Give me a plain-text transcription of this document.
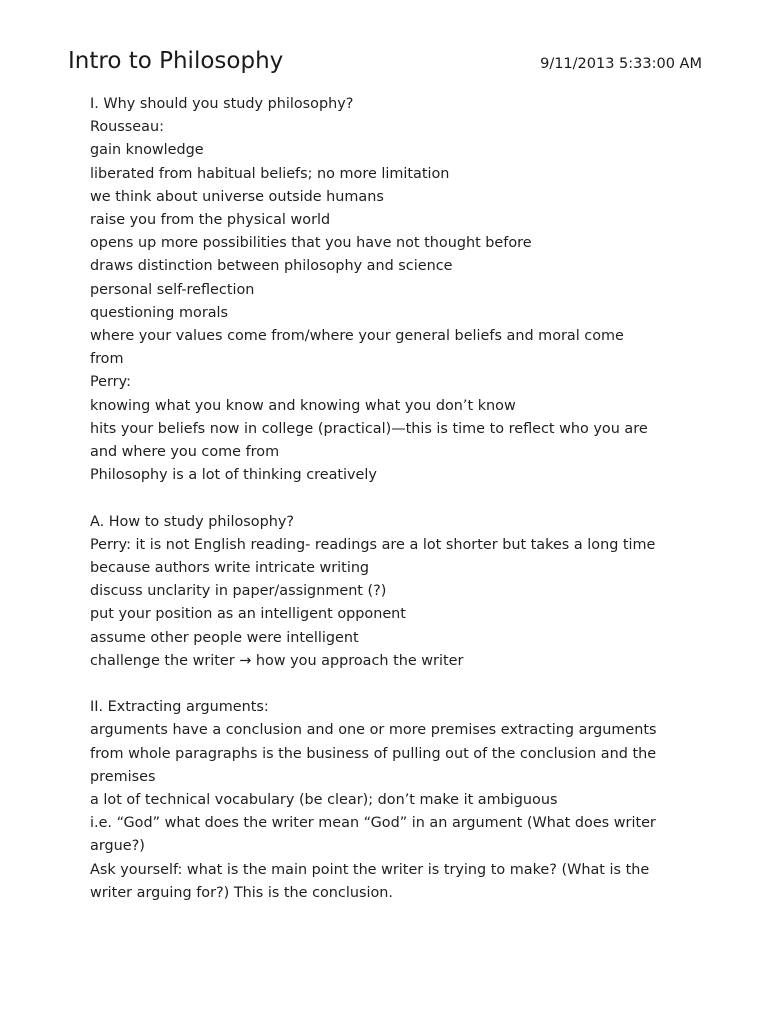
Intro to Philosophy	9/11/2013 5:33:00 AM
I. Why should you study philosophy?
Rousseau:
gain knowledge
liberated from habitual beliefs; no more limitation
we think about universe outside humans
raise you from the physical world
opens up more possibilities that you have not thought before
draws distinction between philosophy and science
personal self-reflection
questioning morals
where your values come from/where your general beliefs and moral come from
Perry:
knowing what you know and knowing what you don’t know
hits your beliefs now in college (practical)—this is time to reflect who you are and where you come from
Philosophy is a lot of thinking creatively
A. How to study philosophy?
Perry: it is not English reading- readings are a lot shorter but takes a long time
because authors write intricate writing
discuss unclarity in paper/assignment (?)
put your position as an intelligent opponent
assume other people were intelligent
challenge the writer → how you approach the writer
II. Extracting arguments:
arguments have a conclusion and one or more premises extracting arguments from whole paragraphs is the business of pulling out of the conclusion and the premises
a lot of technical vocabulary (be clear); don’t make it ambiguous
i.e. “God” what does the writer mean “God” in an argument (What does writer argue?)
Ask yourself: what is the main point the writer is trying to make? (What is the writer arguing for?) This is the conclusion.
